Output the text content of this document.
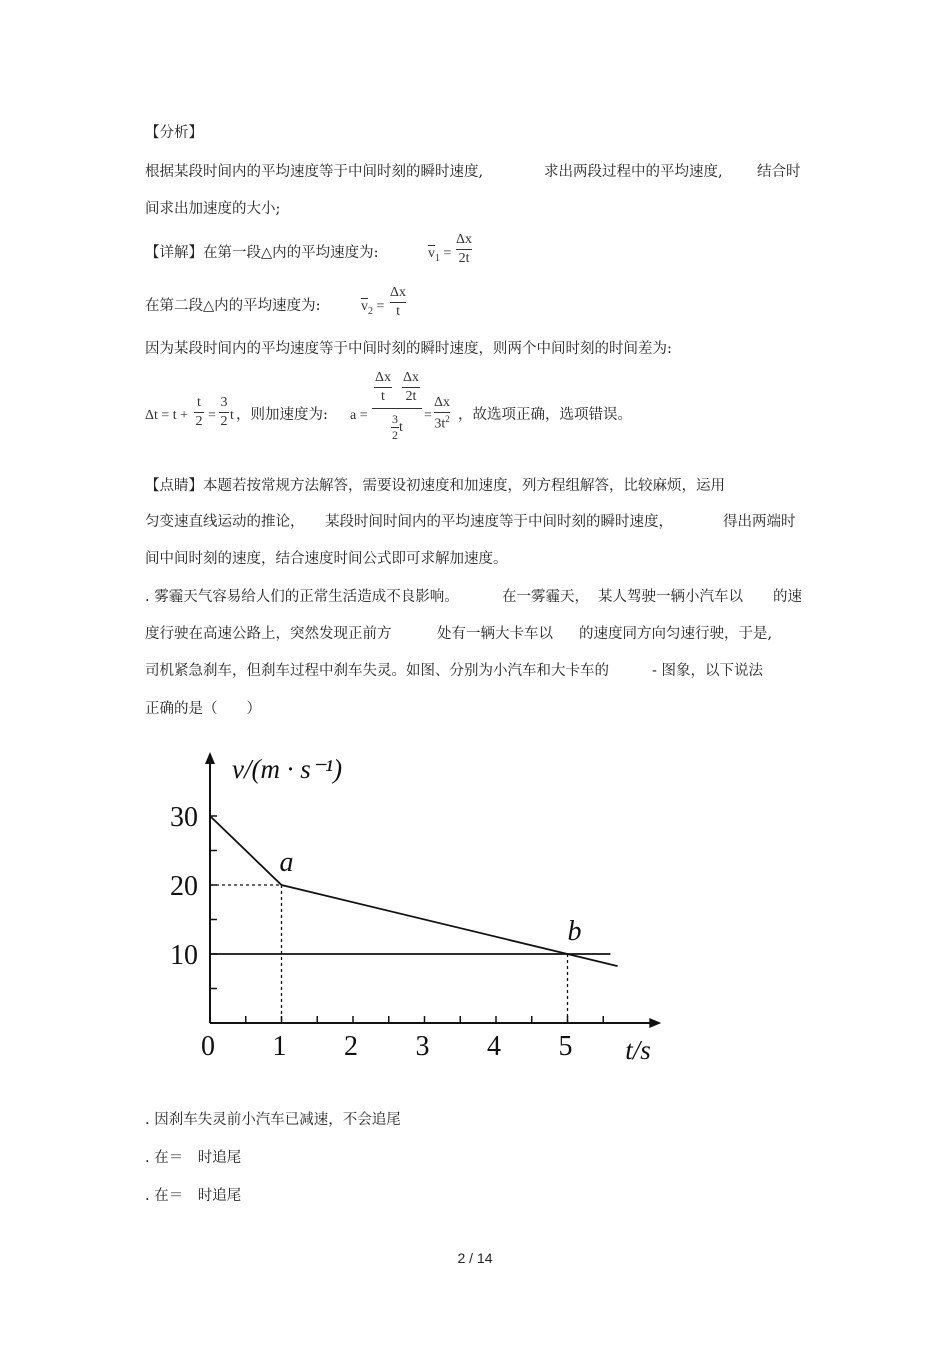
【分析】
根据某段时间内的平均速度等于中间时刻的瞬时速度,	求出两段过程中的平均速度, 结合时
间求出加速度的大小;
【详解】在第一段△内的平均速度为:	$\overline{v}_1$ =
Δx
2t
在第二段△内的平均速度为:	$\overline{v}_2$ =
Δx
t
因为某段时间内的平均速度等于中间时刻的瞬时速度，则两个中间时刻的时间差为:
Δt = t +
t
2 =
3
2 t ，则加速度为: a =
Δx
t
Δx
2t
3
2
t
=
Δx
$3t^2$ ，故选项正确，选项错误。
【点睛】本题若按常规方法解答，需要设初速度和加速度，列方程组解答，比较麻烦，运用
匀变速直线运动的推论， 某段时间时间内的平均速度等于中间时刻的瞬时速度，	得出两端时
间中间时刻的速度，结合速度时间公式即可求解加速度。
. 雾霾天气容易给人们的正常生活造成不良影响。	在一雾霾天， 某人驾驶一辆小汽车以 的速
度行驶在高速公路上，突然发现正前方	处有一辆大卡车以 的速度同方向匀速行驶，于是,
司机紧急刹车，但刹车过程中刹车失灵。如图、分别为小汽车和大卡车的	- 图象，以下说法
正确的是（　　）
0 1 2 3 4 5
10
20
30
v/(m · s⁻¹)
t/s
a
b
. 因刹车失灵前小汽车已减速，不会追尾
. 在＝　时追尾
. 在＝　时追尾
2 / 14
